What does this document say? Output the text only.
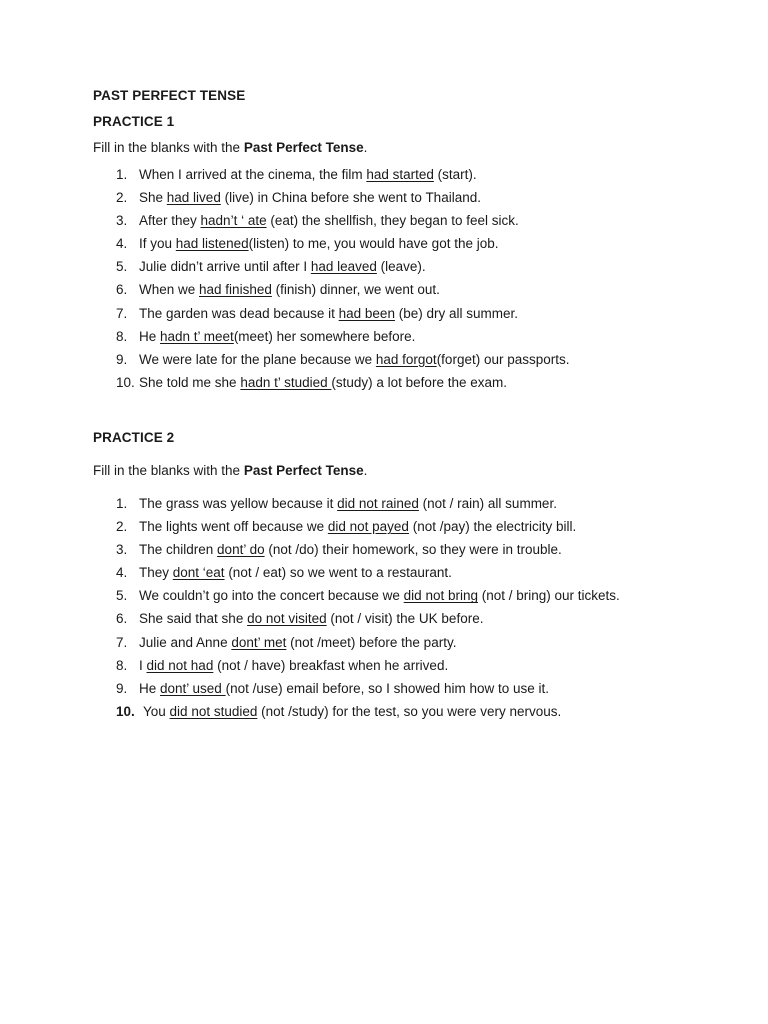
PAST PERFECT TENSE
PRACTICE 1
Fill in the blanks with the Past Perfect Tense.
1. When I arrived at the cinema, the film had started (start).
2. She had lived (live) in China before she went to Thailand.
3. After they hadn’t ‘ ate (eat) the shellfish, they began to feel sick.
4. If you had listened(listen) to me, you would have got the job.
5. Julie didn’t arrive until after I had leaved (leave).
6. When we had finished (finish) dinner, we went out.
7. The garden was dead because it had been (be) dry all summer.
8. He hadn t’ meet(meet) her somewhere before.
9. We were late for the plane because we had forgot(forget) our passports.
10. She told me she hadn t’ studied (study) a lot before the exam.
PRACTICE 2
Fill in the blanks with the Past Perfect Tense.
1. The grass was yellow because it did not rained (not / rain) all summer.
2. The lights went off because we did not payed (not /pay) the electricity bill.
3. The children dont’ do (not /do) their homework, so they were in trouble.
4. They dont ‘eat (not / eat) so we went to a restaurant.
5. We couldn’t go into the concert because we did not bring (not / bring) our tickets.
6. She said that she do not visited (not / visit) the UK before.
7. Julie and Anne dont’ met (not /meet) before the party.
8. I did not had (not / have) breakfast when he arrived.
9. He dont’ used (not /use) email before, so I showed him how to use it.
10. You did not studied (not /study) for the test, so you were very nervous.
